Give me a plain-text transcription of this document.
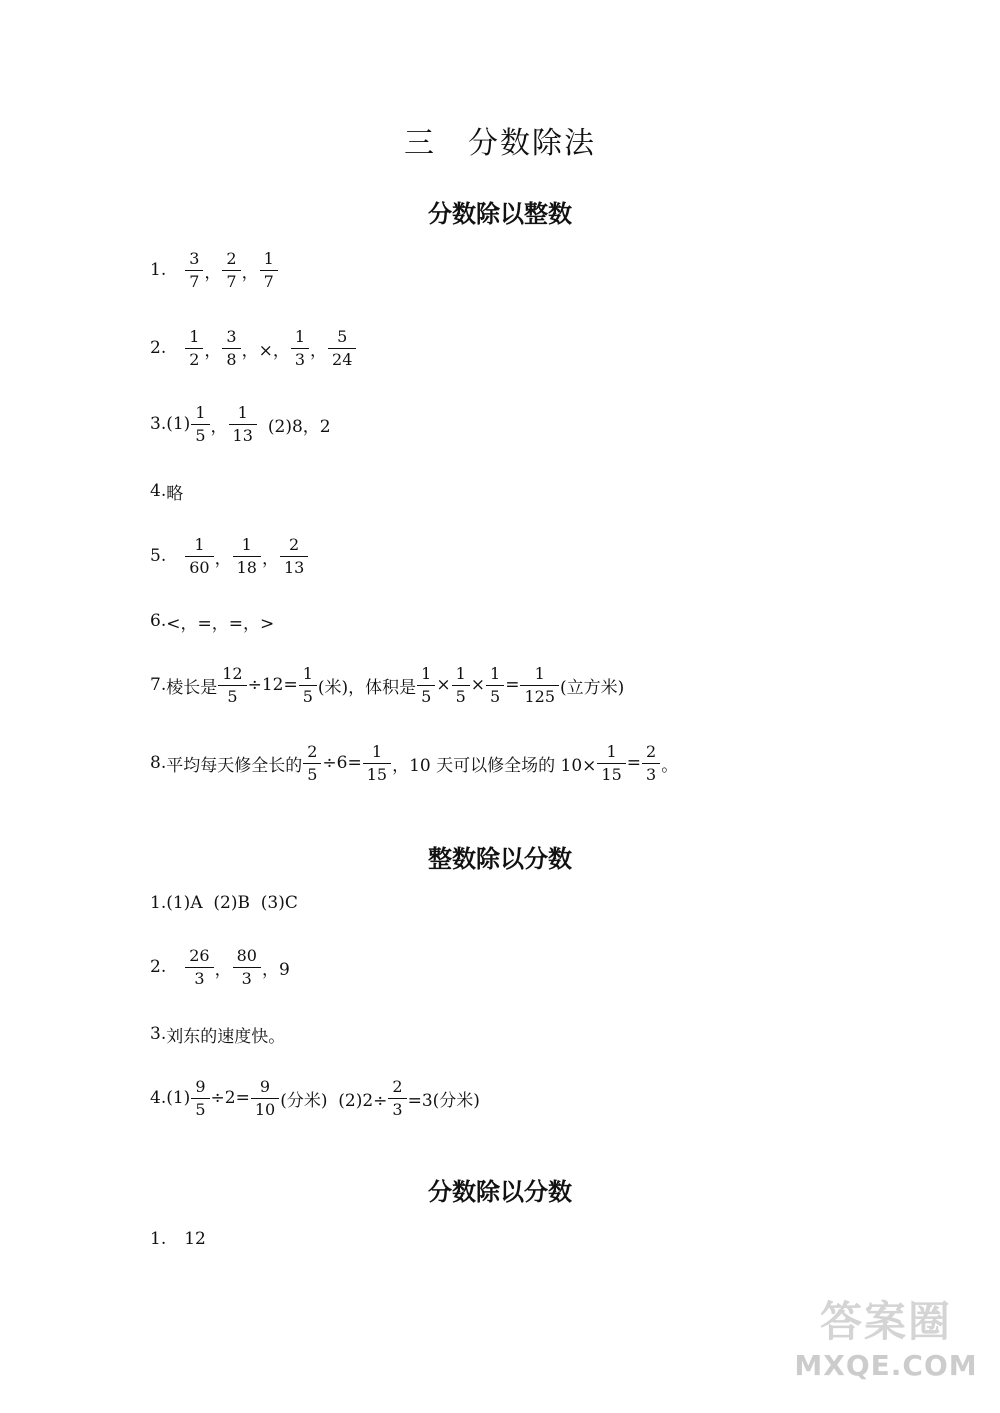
三　分数除法
分数除以整数
1. $\frac{3}{7}$ ， $\frac{2}{7}$ ， $\frac{1}{7}$
2. $\frac{1}{2}$ ， $\frac{3}{8}$ ，×， $\frac{1}{3}$ ， $\frac{5}{24}$
3. $(1) \frac{1}{5}$ ， $\frac{1}{13} (2)8$，2
4. 略
5. $\frac{1}{60}$ ， $\frac{1}{18}$ ， $\frac{2}{13}$
6. <，=，=，>
7. 棱长是 $\frac{12}{5} \div 12= \frac{1}{5}$ (米)，体积是 $\frac{1}{5} \times \frac{1}{5} \times \frac{1}{5} = \frac{1}{125}$ (立方米)
8. 平均每天修全长的 $\frac{2}{5} \div 6= \frac{1}{15}$ ，10 天可以修全场的 $10\times \frac{1}{15} = \frac{2}{3}$ 。
整数除以分数
1. (1)A  (2)B  (3)C
2. $\frac{26}{3}$ ， $\frac{80}{3}$ ，9
3. 刘东的速度快。
4. $(1) \frac{9}{5} \div 2= \frac{9}{10}$ (分米)  $(2)2\div \frac{2}{3} =3$(分米)
分数除以分数
1. 12
答案圈
MXQE.COM
